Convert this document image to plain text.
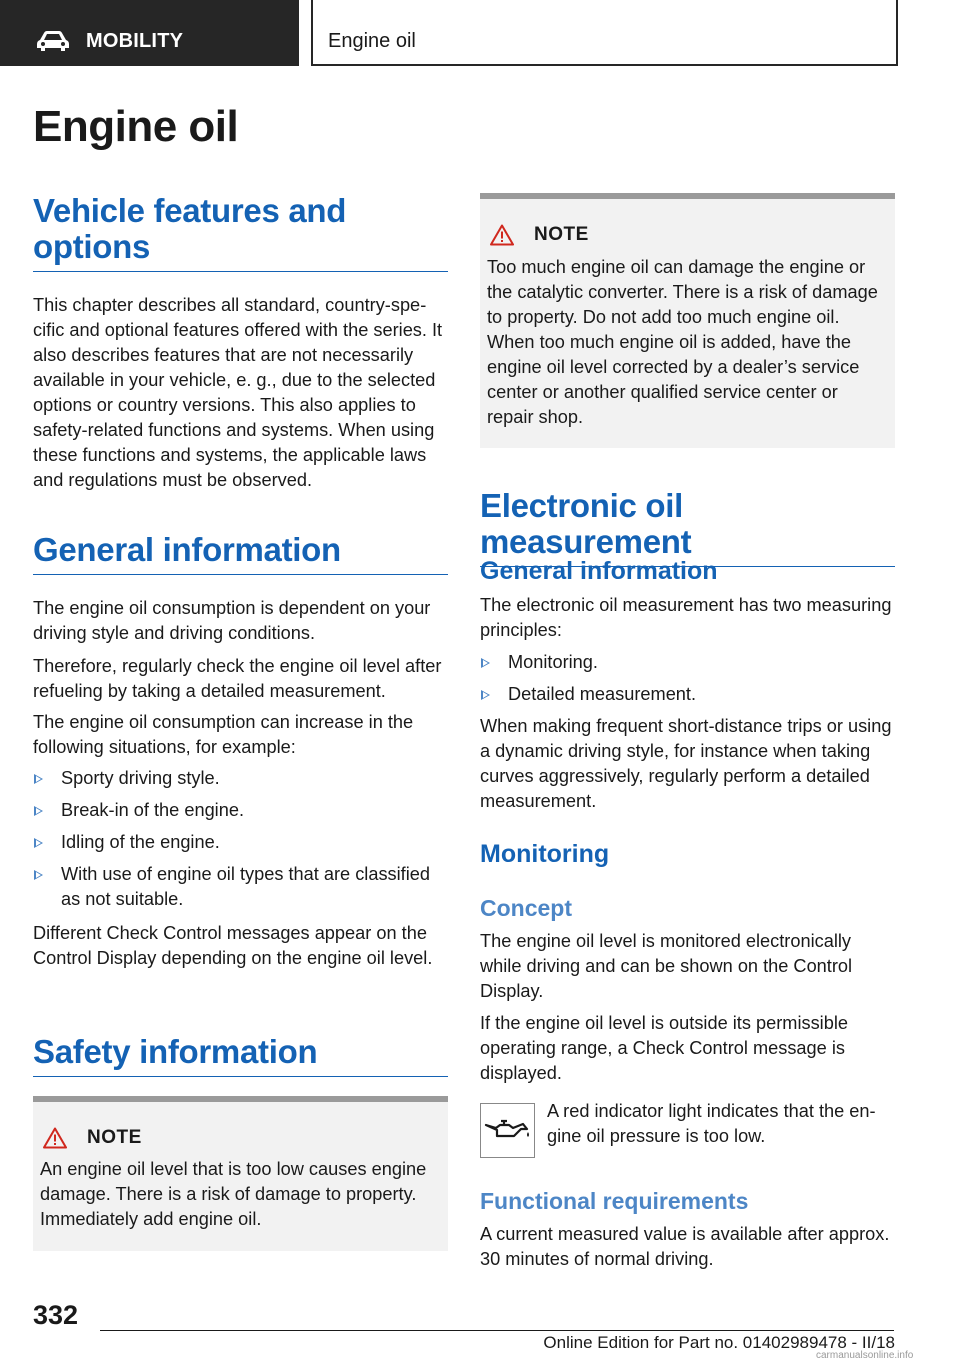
MOBILITY	Engine oil
Engine oil
Vehicle features and options

This chapter describes all standard, country-specific and optional features offered with the series. It also describes features that are not necessarily available in your vehicle, e. g., due to the selected options or country versions. This also applies to safety-related functions and systems. When using these functions and systems, the applicable laws and regulations must be observed.

General information

The engine oil consumption is dependent on your driving style and driving conditions.

Therefore, regularly check the engine oil level after refueling by taking a detailed measurement.

The engine oil consumption can increase in the following situations, for example:

Sporty driving style.
Break-in of the engine.
Idling of the engine.
With use of engine oil types that are classified as not suitable.

Different Check Control messages appear on the Control Display depending on the engine oil level.

Safety information
NOTE

An engine oil level that is too low causes engine damage. There is a risk of damage to property. Immediately add engine oil.

NOTE

Too much engine oil can damage the engine or the catalytic converter. There is a risk of damage to property. Do not add too much engine oil. When too much engine oil is added, have the engine oil level corrected by a dealer’s service center or another qualified service center or repair shop.

Electronic oil measurement
General information

The electronic oil measurement has two measuring principles:

Monitoring.
Detailed measurement.

When making frequent short-distance trips or using a dynamic driving style, for instance when taking curves aggressively, regularly perform a detailed measurement.

Monitoring
Concept

The engine oil level is monitored electronically while driving and can be shown on the Control Display.

If the engine oil level is outside its permissible operating range, a Check Control message is displayed.

A red indicator light indicates that the engine oil pressure is too low.

Functional requirements

A current measured value is available after approx. 30 minutes of normal driving.

332
Online Edition for Part no. 01402989478 - II/18
carmanualsonline.info
